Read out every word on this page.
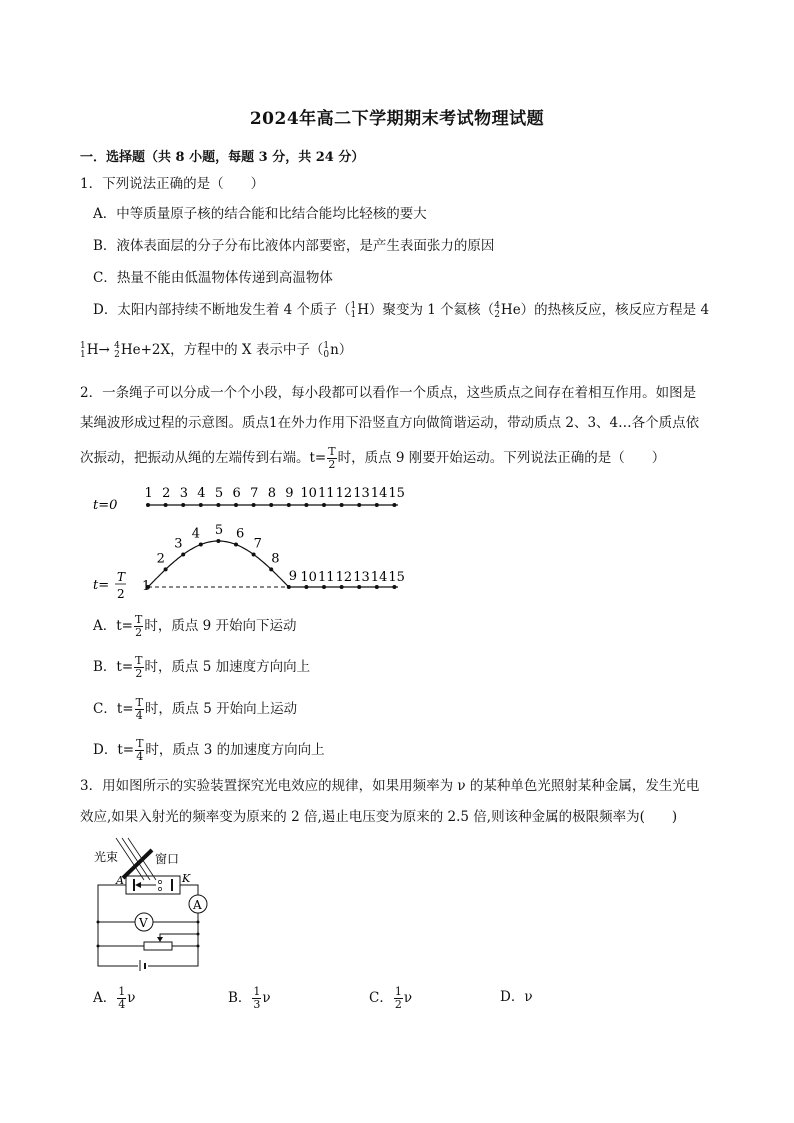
2024年高二下学期期末考试物理试题
一．选择题（共 8 小题，每题 3 分，共 24 分）
1．下列说法正确的是（　　）
A．中等质量原子核的结合能和比结合能均比轻核的要大
B．液体表面层的分子分布比液体内部要密，是产生表面张力的原因
C．热量不能由低温物体传递到高温物体
D．太阳内部持续不断地发生着 4 个质子（ 1
1 H）聚变为 1 个氦核（ 4
2 He）的热核反应，核反应方程是 4
1
1 H→ 4
2 He+2X，方程中的 X 表示中子（ 1
0 n）
2．一条绳子可以分成一个个小段，每小段都可以看作一个质点，这些质点之间存在着相互作用。如图是
某绳波形成过程的示意图。质点1在外力作用下沿竖直方向做简谐运动，带动质点 2、3、4…各个质点依
次振动，把振动从绳的左端传到右端。$t= \frac{T}{2}$ 时，质点 9 刚要开始运动。下列说法正确的是（　　）
t=0
1 2 3 4 5 6 7 8 9 10 11 12 13 14 15
t=
T
2 1
2
3
4 5 6
7
8
9 10 11 12 13 14 15
A．$t= \frac{T}{2}$ 时，质点 9 开始向下运动
B．$t= \frac{T}{2}$ 时，质点 5 加速度方向向上
C．$t= \frac{T}{4}$ 时，质点 5 开始向上运动
D．$t= \frac{T}{4}$ 时，质点 3 的加速度方向向上
3．用如图所示的实验装置探究光电效应的规律，如果用频率为 ν 的某种单色光照射某种金属，发生光电
效应,如果入射光的频率变为原来的 2 倍,遏止电压变为原来的 2.5 倍,则该种金属的极限频率为(　　)
光束	窗口
A	K
A
V
A． $\frac{1}{4}$ ν	B． $\frac{1}{3}$ ν	C． $\frac{1}{2}$ ν	D．ν
